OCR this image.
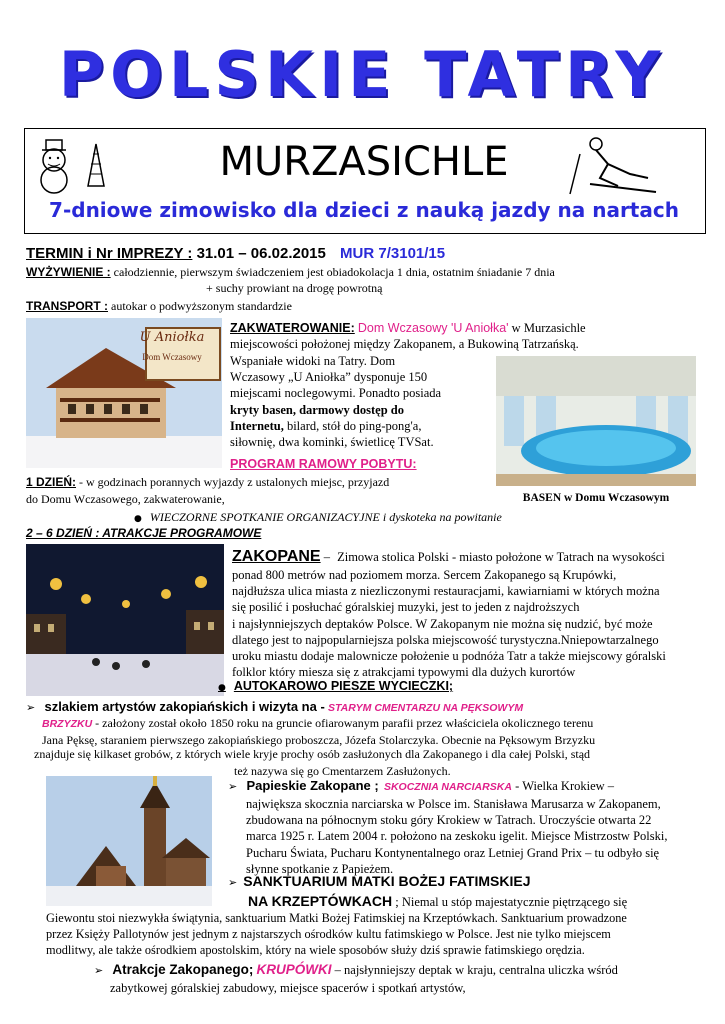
POLSKIE TATRY
MURZASICHLE
7-dniowe zimowisko dla dzieci z nauką jazdy na nartach
TERMIN i Nr IMPREZY : 31.01 – 06.02.2015 MUR 7/3101/15
WYŻYWIENIE : całodziennie, pierwszym świadczeniem jest obiadokolacja 1 dnia, ostatnim śniadanie 7 dnia
+ suchy prowiant na drogę powrotną
TRANSPORT : autokar o podwyższonym standardzie
U Aniołka
Dom Wczasowy
ZAKWATEROWANIE: Dom Wczasowy 'U Aniołka' w Murzasichle
miejscowości położonej między Zakopanem, a Bukowiną Tatrzańską.
Wspaniałe widoki na Tatry. Dom
Wczasowy „U Aniołka” dysponuje 150
miejscami noclegowymi. Ponadto posiada
kryty basen, darmowy dostęp do
Internetu, bilard, stół do ping-pong'a,
siłownię, dwa kominki, świetlicę TVSat.
PROGRAM RAMOWY POBYTU:
BASEN w Domu Wczasowym
1 DZIEŃ: - w godzinach porannych wyjazdy z ustalonych miejsc, przyjazd
do Domu Wczasowego, zakwaterowanie,
● WIECZORNE SPOTKANIE ORGANIZACYJNE i dyskoteka na powitanie
2 – 6 DZIEŃ : ATRAKCJE PROGRAMOWE
ZAKOPANE – Zimowa stolica Polski - miasto położone w Tatrach na wysokości
ponad 800 metrów nad poziomem morza. Sercem Zakopanego są Krupówki,
najdłuższa ulica miasta z niezliczonymi restauracjami, kawiarniami w których można
się posilić i posłuchać góralskiej muzyki, jest to jeden z najdroższych
i najsłynniejszych deptaków Polsce. W Zakopanym nie można się nudzić, być może
dlatego jest to najpopularniejsza polska miejscowość turystyczna.Nniepowtarzalnego
uroku miastu dodaje malownicze położenie u podnóża Tatr a także miejscowy góralski
folklor który miesza się z atrakcjami typowymi dla dużych kurortów
● AUTOKAROWO PIESZE WYCIECZKI;
➢ szlakiem artystów zakopiańskich i wizyta na - STARYM CMENTARZU NA PĘKSOWYM
BRZYZKU - założony został około 1850 roku na gruncie ofiarowanym parafii przez właściciela okolicznego terenu
Jana Pęksę, staraniem pierwszego zakopiańskiego proboszcza, Józefa Stolarczyka. Obecnie na Pęksowym Brzyzku
znajduje się kilkaset grobów, z których wiele kryje prochy osób zasłużonych dla Zakopanego i dla całej Polski, stąd
też nazywa się go Cmentarzem Zasłużonych.
➢ Papieskie Zakopane ; SKOCZNIA NARCIARSKA - Wielka Krokiew –
największa skocznia narciarska w Polsce im. Stanisława Marusarza w Zakopanem,
zbudowana na północnym stoku góry Krokiew w Tatrach. Uroczyście otwarta 22
marca 1925 r. Latem 2004 r. położono na zeskoku igelit. Miejsce Mistrzostw Polski,
Pucharu Świata, Pucharu Kontynentalnego oraz Letniej Grand Prix – tu odbyło się
słynne spotkanie z Papieżem.
➢ SANKTUARIUM MATKI BOŻEJ FATIMSKIEJ
NA KRZEPTÓWKACH ; Niemal u stóp majestatycznie piętrzącego się
Giewontu stoi niezwykła świątynia, sanktuarium Matki Bożej Fatimskiej na Krzeptówkach. Sanktuarium prowadzone
przez Księży Pallotynów jest jednym z najstarszych ośrodków kultu fatimskiego w Polsce. Jest nie tylko miejscem
modlitwy, ale także ośrodkiem apostolskim, który na wiele sposobów służy dziś sprawie fatimskiego orędzia.
➢ Atrakcje Zakopanego; KRUPÓWKI – najsłynniejszy deptak w kraju, centralna uliczka wśród
zabytkowej góralskiej zabudowy, miejsce spacerów i spotkań artystów,
